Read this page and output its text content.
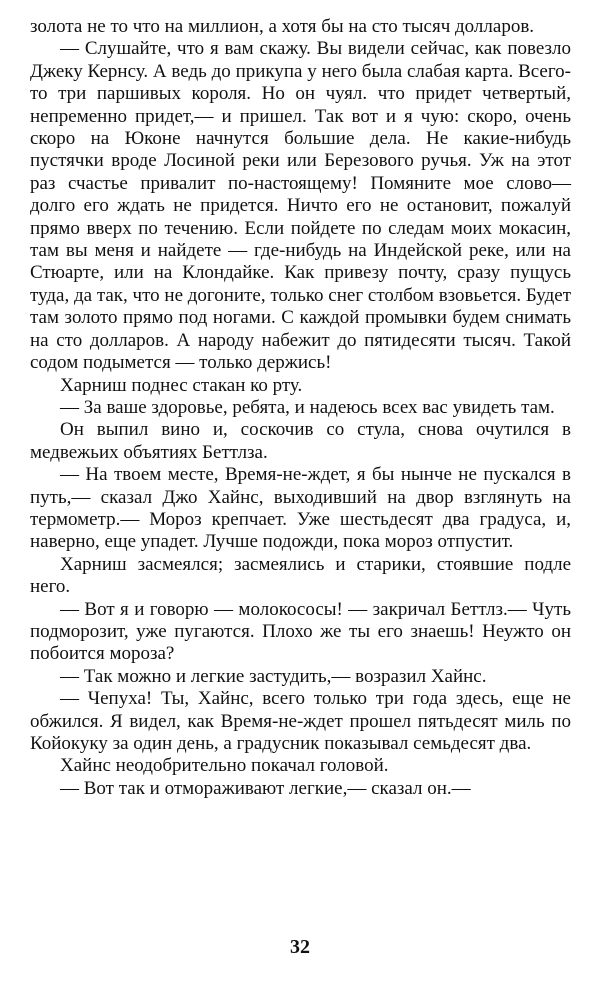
золота не то что на миллион, а хотя бы на сто тысяч долларов.

— Слушайте, что я вам скажу. Вы видели сейчас, как повезло Джеку Кернсу. А ведь до прикупа у него была слабая карта. Всего-то три паршивых короля. Но он чуял. что придет четвертый, непременно придет,— и пришел. Так вот и я чую: скоро, очень скоро на Юконе начнутся большие дела. Не какие-нибудь пустячки вроде Лосиной реки или Березового ручья. Уж на этот раз счастье привалит по-настоящему! Помяните мое слово— долго его ждать не придется. Ничто его не остановит, пожалуй прямо вверх по течению. Если пойдете по следам моих мокасин, там вы меня и найдете — где-нибудь на Индейской реке, или на Стюарте, или на Клондайке. Как привезу почту, сразу пущусь туда, да так, что не догоните, только снег столбом взовьется. Будет там золото прямо под ногами. С каждой промывки будем снимать на сто долларов. А народу набежит до пятидесяти тысяч. Такой содом подымется — только держись!

Харниш поднес стакан ко рту.

— За ваше здоровье, ребята, и надеюсь всех вас увидеть там.

Он выпил вино и, соскочив со стула, снова очутился в медвежьих объятиях Беттлза.

— На твоем месте, Время-не-ждет, я бы нынче не пускался в путь,— сказал Джо Хайнс, выходивший на двор взглянуть на термометр.— Мороз крепчает. Уже шестьдесят два градуса, и, наверно, еще упадет. Лучше подожди, пока мороз отпустит.

Харниш засмеялся; засмеялись и старики, стоявшие подле него.

— Вот я и говорю — молокососы! — закричал Беттлз.— Чуть подморозит, уже пугаются. Плохо же ты его знаешь! Неужто он побоится мороза?

— Так можно и легкие застудить,— возразил Хайнс.

— Чепуха! Ты, Хайнс, всего только три года здесь, еще не обжился. Я видел, как Время-не-ждет прошел пятьдесят миль по Койокуку за один день, а градусник показывал семьдесят два.

Хайнс неодобрительно покачал головой.

— Вот так и отмораживают легкие,— сказал он.—

32
